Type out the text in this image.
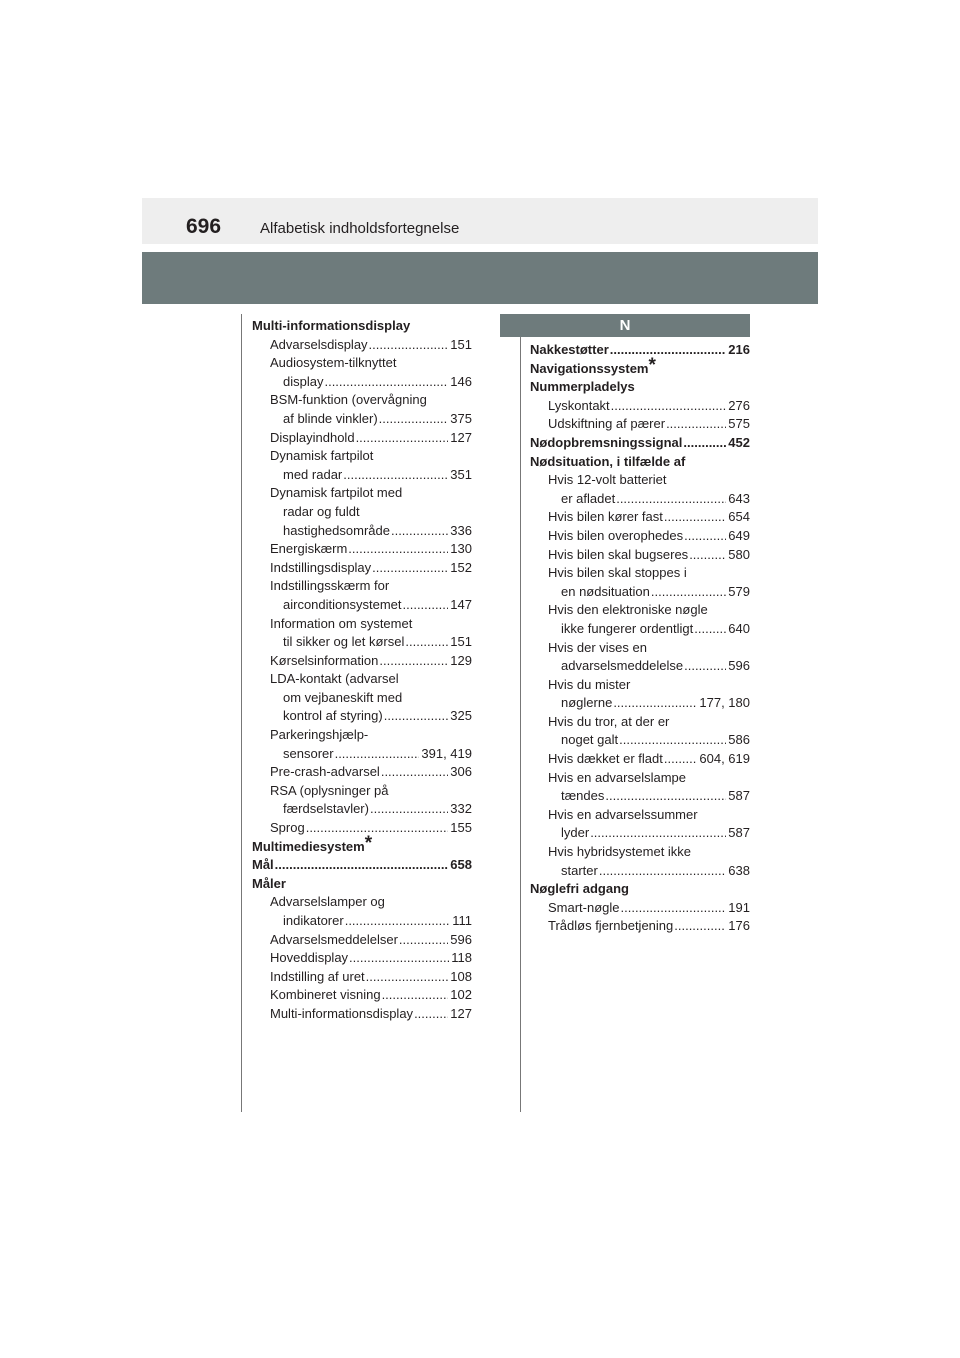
696	Alfabetisk indholdsfortegnelse
Multi-informationsdisplay
151
Advarselsdisplay .....
Audiosystem-tilknyttet
146
display .....
BSM-funktion (overvågning
375
af blinde vinkler) .....
127
Displayindhold .....
Dynamisk fartpilot
351
med radar .....
Dynamisk fartpilot med
radar og fuldt
336
hastighedsområde .....
130
Energiskærm .....
152
Indstillingsdisplay .....
Indstillingsskærm for
147
airconditionsystemet .....
Information om systemet
151
til sikker og let kørsel .....
129
Kørselsinformation .....
LDA-kontakt (advarsel
om vejbaneskift med
325
kontrol af styring) .....
Parkeringshjælp-
391, 419
sensorer .....
306
Pre-crash-advarsel .....
RSA (oplysninger på
332
færdselstavler) .....
155
Sprog .....
Multimediesystem*
658
Mål .....
Måler
Advarselslamper og
111
indikatorer .....
596
Advarselsmeddelelser .....
118
Hoveddisplay .....
108
Indstilling af uret .....
102
Kombineret visning .....
127
Multi-informationsdisplay .....
N
216
Nakkestøtter .....
Navigationssystem*
Nummerpladelys
276
Lyskontakt .....
575
Udskiftning af pærer .....
452
Nødopbremsningssignal .....
Nødsituation, i tilfælde af
Hvis 12-volt batteriet
643
er afladet .....
654
Hvis bilen kører fast .....
649
Hvis bilen overophedes .....
580
Hvis bilen skal bugseres .....
Hvis bilen skal stoppes i
579
en nødsituation .....
Hvis den elektroniske nøgle
640
ikke fungerer ordentligt .....
Hvis der vises en
596
advarselsmeddelelse .....
Hvis du mister
177, 180
nøglerne .....
Hvis du tror, at der er
586
noget galt .....
604, 619
Hvis dækket er fladt .....
Hvis en advarselslampe
587
tændes .....
Hvis en advarselssummer
587
lyder .....
Hvis hybridsystemet ikke
638
starter .....
Nøglefri adgang
191
Smart-nøgle .....
176
Trådløs fjernbetjening .....
